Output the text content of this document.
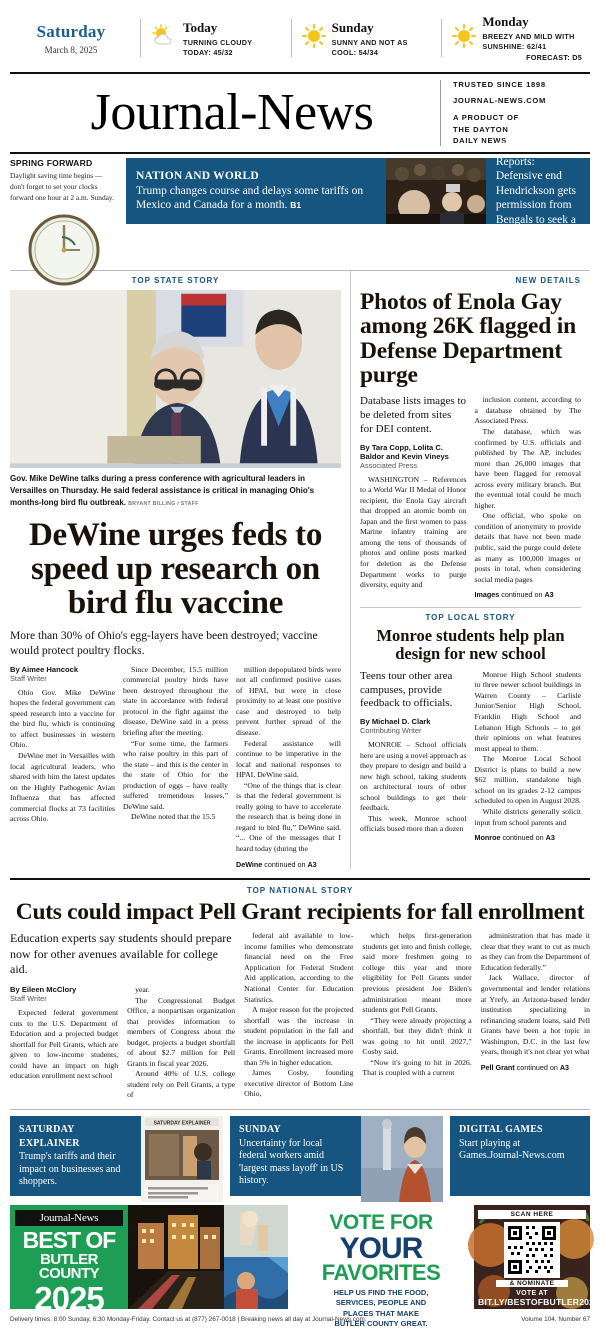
Saturday
March 8, 2025
Today
TURNING CLOUDY
TODAY: 45/32
Sunday
SUNNY AND NOT AS
COOL: 54/34
Monday
BREEZY AND MILD WITH
SUNSHINE: 62/41
FORECAST: D5
Journal-News	TRUSTED SINCE 1898
JOURNAL-NEWS.COM
A PRODUCT OF
THE DAYTON
DAILY NEWS
SPRING FORWARD
Daylight saving time begins — don't forget to set your clocks forward one hour at 2 a.m. Sunday.
NATION AND WORLD
Trump changes course and delays some tariffs on Mexico and Canada for a month. B1
SPORTS
Reports: Defensive end Hendrickson gets permission from Bengals to seek a trade. D1
TOP STATE STORY
Gov. Mike DeWine talks during a press conference with agricultural leaders in Versailles on Thursday. He said federal assistance is critical in managing Ohio's months-long bird flu outbreak. BRYANT BILLING / STAFF
DeWine urges feds to speed up research on bird flu vaccine
More than 30% of Ohio's egg-layers have been destroyed; vaccine would protect poultry flocks.
By Aimee Hancock
Staff Writer

Ohio Gov. Mike DeWine hopes the federal government can speed research into a vaccine for the bird flu, which is continuing to affect businesses in western Ohio.

DeWine met in Versailles with local agricultural leaders, who shared with him the latest updates on the Highly Pathogenic Avian Influenza that has affected commercial flocks at 73 facilities across Ohio.

Since December, 15.5 million commercial poultry birds have been destroyed throughout the state in accordance with federal protocol in the fight against the disease, DeWine said in a press briefing after the meeting.

“For some time, the farmers who raise poultry in this part of the state – and this is the center in the state of Ohio for the production of eggs – have really suffered tremendous losses,” DeWine said.

DeWine noted that the 15.5

million depopulated birds were not all confirmed positive cases of HPAI, but were in close proximity to at least one positive case and destroyed to help prevent further spread of the disease.

Federal assistance will continue to be imperative in the local and national responses to HPAI, DeWine said.

“One of the things that is clear is that the federal government is really going to have to accelerate the research that is being done in regard to bird flu,” DeWine said. “... One of the messages that I heard today (during the

DeWine continued on A3
NEW DETAILS
Photos of Enola Gay among 26K flagged in Defense Department purge
Database lists images to be deleted from sites for DEI content.
By Tara Copp, Lolita C. Baldor and Kevin Vineys
Associated Press

WASHINGTON – References to a World War II Medal of Honor recipient, the Enola Gay aircraft that dropped an atomic bomb on Japan and the first women to pass Marine infantry training are among the tens of thousands of photos and online posts marked for deletion as the Defense Department works to purge diversity, equity and

inclusion content, according to a database obtained by The Associated Press.

The database, which was confirmed by U.S. officials and published by The AP, includes more than 26,000 images that have been flagged for removal across every military branch. But the eventual total could be much higher.

One official, who spoke on condition of anonymity to provide details that have not been made public, said the purge could delete as many as 100,000 images or posts in total, when considering social media pages

Images continued on A3
TOP LOCAL STORY
Monroe students help plan design for new school
Teens tour other area campuses, provide feedback to officials.
By Michael D. Clark
Contributing Writer

MONROE – School officials here are using a novel approach as they prepare to design and build a new high school, taking students on architectural tours of other school buildings to get their feedback.

This week, Monroe school officials bused more than a dozen

Monroe High School students to three newer school buildings in Warren County – Carlisle Junior/Senior High School, Franklin High School and Lebanon High Schools – to get their opinions on what features most appeal to them.

The Monroe Local School District is plans to build a new $62 million, standalone high school on its grades 2-12 campus scheduled to open in August 2028.

While districts generally solicit input from school parents and

Monroe continued on A3
TOP NATIONAL STORY
Cuts could impact Pell Grant recipients for fall enrollment
Education experts say students should prepare now for other avenues available for college aid.
By Eileen McClory
Staff Writer

Expected federal government cuts to the U.S. Department of Education and a projected budget shortfall for Pell Grants, which are given to low-income students, could have an impact on high education enrollment next school

year.

The Congressional Budget Office, a nonpartisan organization that provides information to members of Congress about the budget, projects a budget shortfall of about $2.7 million for Pell Grants in fiscal year 2026.

Around 40% of U.S. college student rely on Pell Grants, a type of

federal aid available to low-income families who demonstrate financial need on the Free Application for Federal Student Aid application, according to the National Center for Education Statistics.

A major reason for the projected shortfall was the increase in student population in the fall and the increase in applicants for Pell Grants. Enrollment increased more than 5% in higher education.

James Cosby, founding executive director of Bottom Line Ohio,

which helps first-generation students get into and finish college, said more freshmen going to college this year and more eligibility for Pell Grants under previous president Joe Biden's administration meant more students got Pell Grants.

“They were already projecting a shortfall, but they didn't think it was going to hit until 2027,” Cosby said.

“Now it's going to hit in 2026. That is coupled with a current

administration that has made it clear that they want to cut as much as they can from the Department of Education federally.”

Jack Wallace, director of governmental and lender relations at Yrefy, an Arizona-based lender institution specializing in refinancing student loans, said Pell Grants have been a hot topic in Washington, D.C. in the last few years, though it's not clear yet what

Pell Grant continued on A3
SATURDAY
EXPLAINER
Trump's tariffs and their impact on businesses and shoppers.
SATURDAY EXPLAINER
SUNDAY
Uncertainty for local federal workers amid 'largest mass layoff' in US history.
DIGITAL GAMES
Start playing at Games.Journal-News.com
Journal-News
BEST OF
BUTLER COUNTY
2025
VOTE FOR
YOUR
FAVORITES
HELP US FIND THE FOOD,
SERVICES, PEOPLE AND
PLACES THAT MAKE
BUTLER COUNTY GREAT.
SCAN HERE
& NOMINATE
VOTE AT
BIT.LY/BESTOFBUTLER2025
Delivery times: 8:00 Sunday, 6:30 Monday-Friday. Contact us at (877) 267-0018 | Breaking news all day at Journal-News.com.	Volume 104, Number 67
